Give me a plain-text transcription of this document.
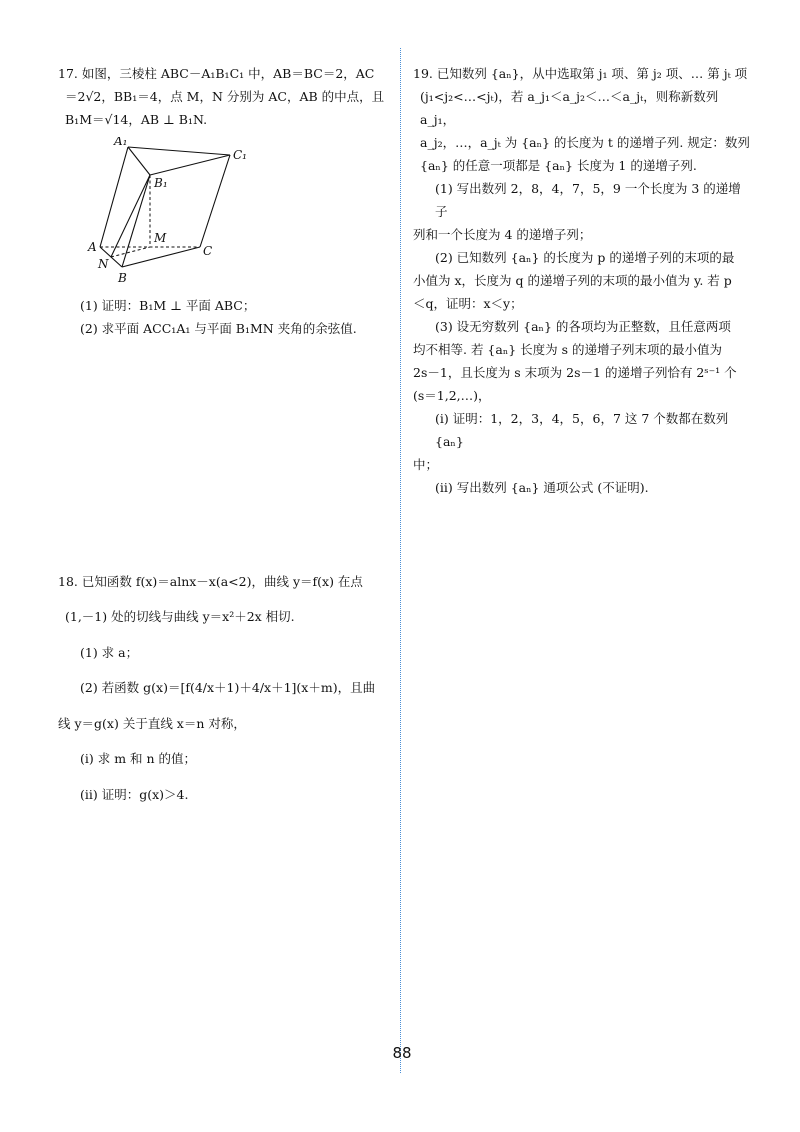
17. 如图，三棱柱 ABC－A₁B₁C₁ 中，AB＝BC＝2，AC

＝2√2，BB₁＝4，点 M，N 分别为 AC，AB 的中点，且

B₁M＝√14，AB ⊥ B₁N.

A₁
C₁
B₁
M
A	C
N
B

(1) 证明：B₁M ⊥ 平面 ABC；

(2) 求平面 ACC₁A₁ 与平面 B₁MN 夹角的余弦值.

18. 已知函数 f(x)＝alnx－x(a<2)，曲线 y＝f(x) 在点

(1,－1) 处的切线与曲线 y＝x²＋2x 相切.

(1) 求 a；

(2) 若函数 g(x)＝[f(4/x＋1)＋4/x＋1](x＋m)，且曲

线 y＝g(x) 关于直线 x＝n 对称，

(i) 求 m 和 n 的值；

(ii) 证明：g(x)＞4.

19. 已知数列 {aₙ}，从中选取第 j₁ 项、第 j₂ 项、… 第 jₜ 项

(j₁<j₂<…<jₜ)，若 a_j₁＜a_j₂＜…＜a_jₜ，则称新数列 a_j₁，

a_j₂，…，a_jₜ 为 {aₙ} 的长度为 t 的递增子列. 规定：数列

{aₙ} 的任意一项都是 {aₙ} 长度为 1 的递增子列.

(1) 写出数列 2，8，4，7，5，9 一个长度为 3 的递增子

列和一个长度为 4 的递增子列；

(2) 已知数列 {aₙ} 的长度为 p 的递增子列的末项的最

小值为 x，长度为 q 的递增子列的末项的最小值为 y. 若 p

＜q，证明：x＜y；

(3) 设无穷数列 {aₙ} 的各项均为正整数，且任意两项

均不相等. 若 {aₙ} 长度为 s 的递增子列末项的最小值为

2s－1，且长度为 s 末项为 2s－1 的递增子列恰有 2ˢ⁻¹ 个

(s＝1,2,…)，

(i) 证明：1，2，3，4，5，6，7 这 7 个数都在数列 {aₙ}

中；

(ii) 写出数列 {aₙ} 通项公式 (不证明).

88
